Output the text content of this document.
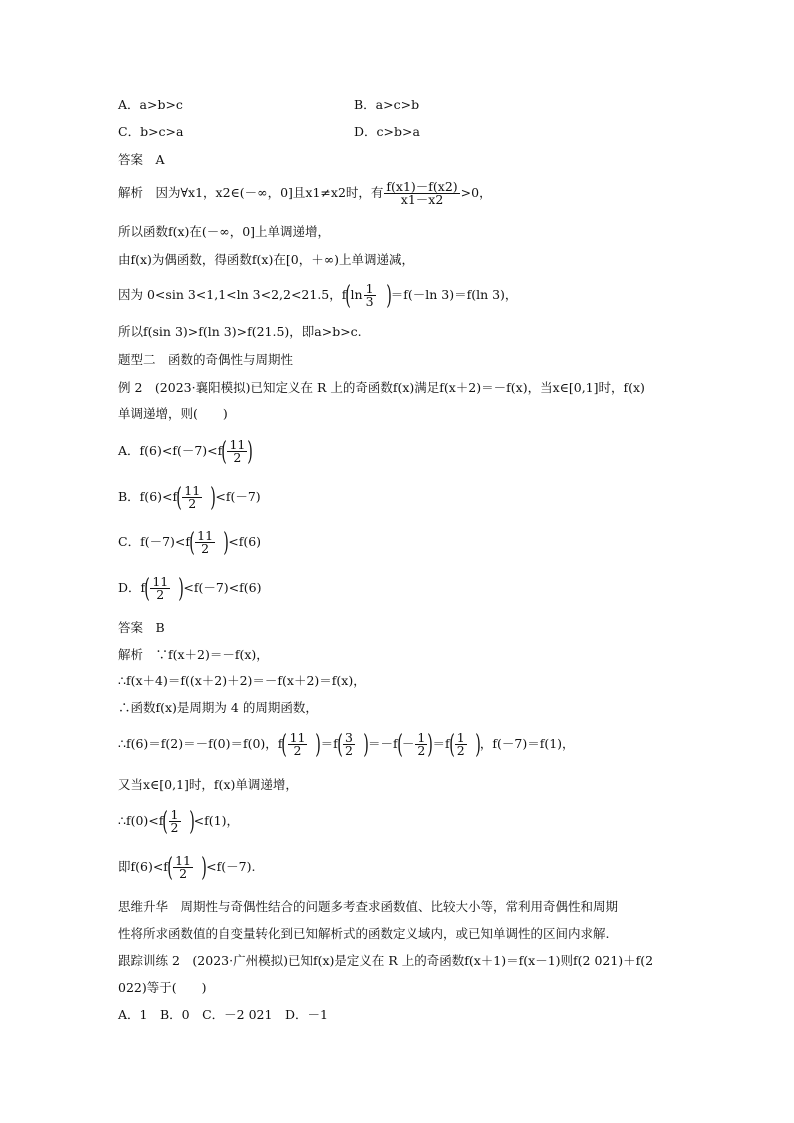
A．a>b>c	B．a>c>b
C．b>c>a	D．c>b>a
答案　A
解析　因为∀x1，x2∈(－∞，0]且x1≠x2时，有 $\frac{f(x1)-f(x2)}{x1-x2} >0$，
所以函数f(x)在(－∞，0]上单调递增，
由f(x)为偶函数，得函数f(x)在[0，＋∞)上单调递减，
因为 0<sin 3<1,1<ln 3<2,2<21.5，$f(\ln \frac{1}{3} )=f(-\ln$ 3)＝f(ln 3)，
所以f(sin 3)>f(ln 3)>f(21.5)，即a>b>c.
题型二　函数的奇偶性与周期性
例 2　(2023·襄阳模拟)已知定义在 R 上的奇函数f(x)满足f(x＋2)＝－f(x)，当x∈[0,1]时，f(x)
单调递增，则(　　)
A．$f(6)<f(-7)<f( \frac{11}{2}$ )
B．$f(6)<f( \frac{11}{2} )<f(-7)$
C．$f(-7)<f( \frac{11}{2} )<f(6)$
D．$f( \frac{11}{2} )<f(-7)<f(6)$
答案　B
解析　∵f(x＋2)＝－f(x)，
∴f(x＋4)＝f((x＋2)＋2)＝－f(x＋2)＝f(x)，
∴函数f(x)是周期为 4 的周期函数，
∴f(6)＝f(2)＝－f(0)＝f(0)，$f( \frac{11}{2} )=f( \frac{3}{2} )=-f(- \frac{1}{2} )=f( \frac{1}{2}$ )，f(－7)＝f(1)，
又当x∈[0,1]时，f(x)单调递增，
∴f(0)<f( $\frac{1}{2} )<f(1)$，
即$f(6)<f( \frac{11}{2} )<f(-7)$.
思维升华　周期性与奇偶性结合的问题多考查求函数值、比较大小等，常利用奇偶性和周期
性将所求函数值的自变量转化到已知解析式的函数定义域内，或已知单调性的区间内求解.
跟踪训练 2　(2023·广州模拟)已知f(x)是定义在 R 上的奇函数f(x＋1)＝f(x－1)则f(2 021)＋f(2
022)等于(　　)
A．1　B．0　C．－2 021　D．－1
